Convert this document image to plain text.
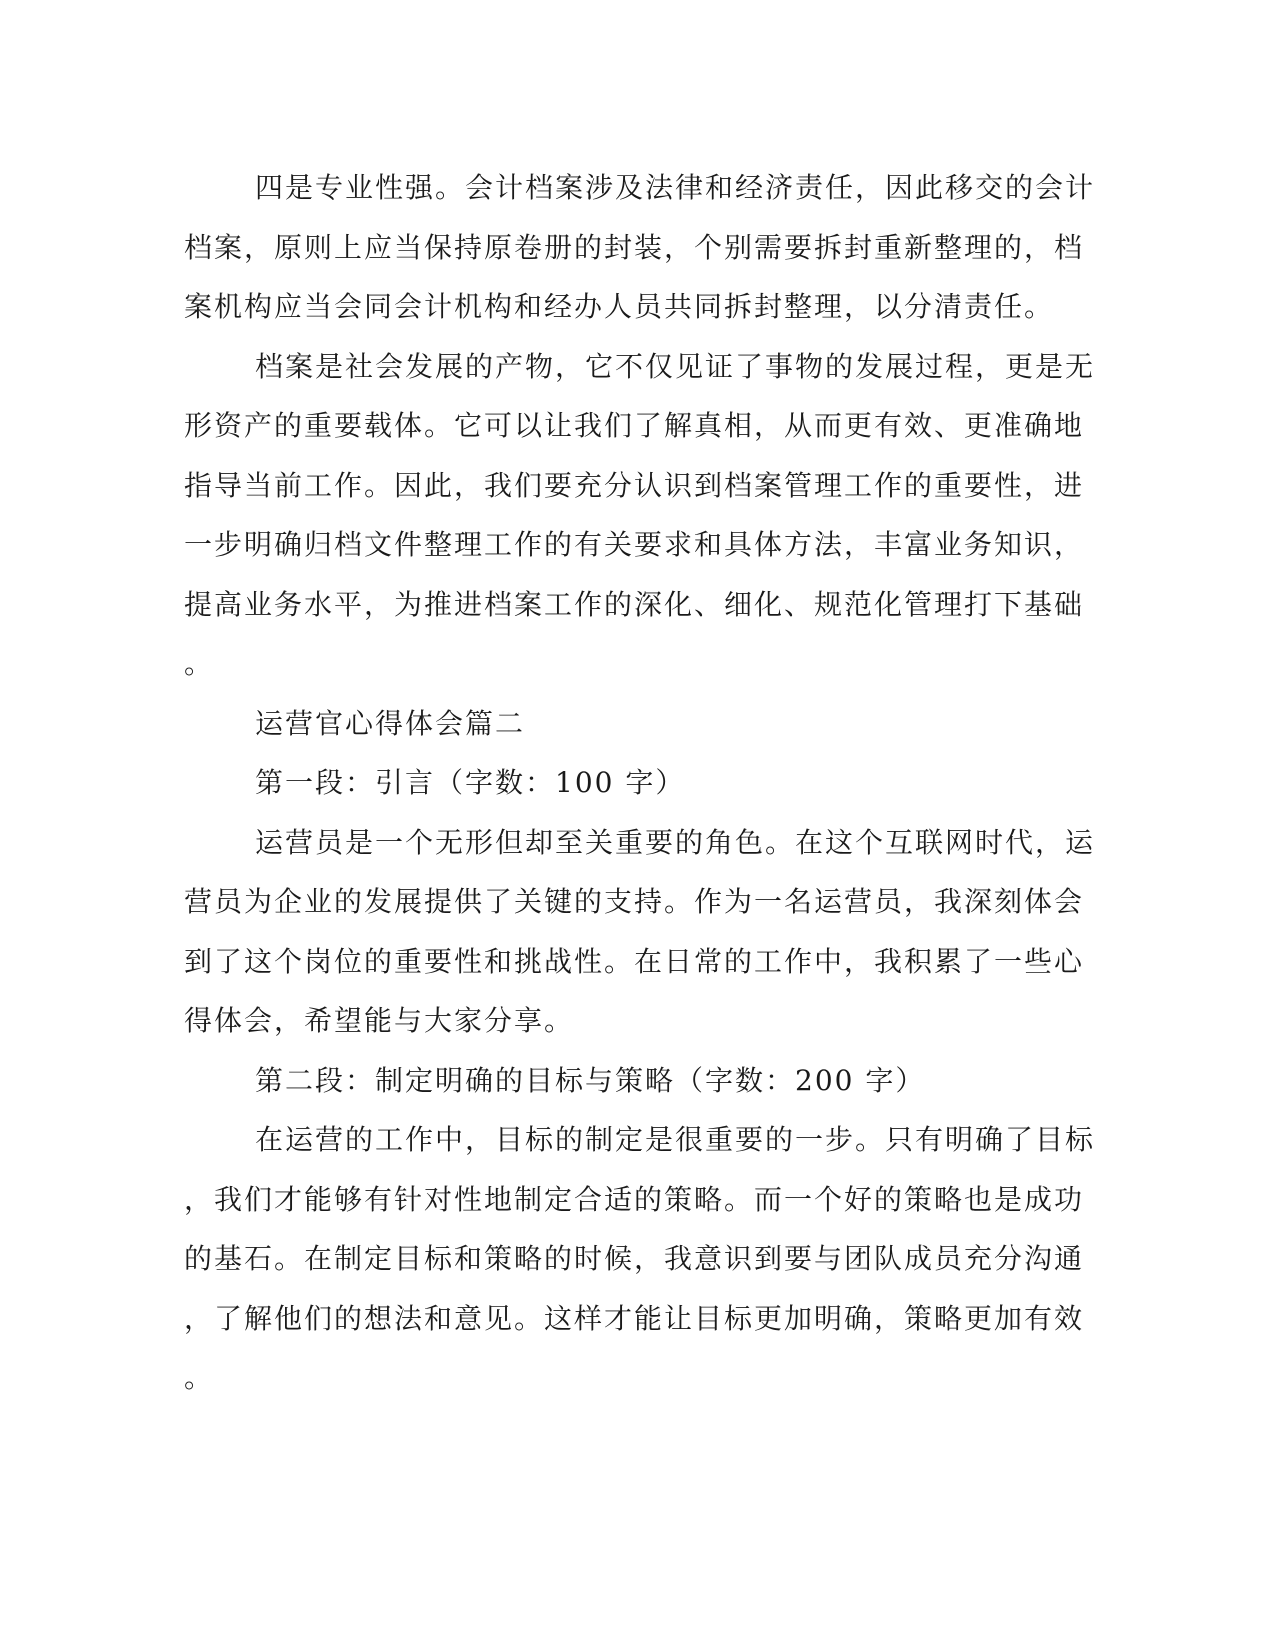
四是专业性强。会计档案涉及法律和经济责任，因此移交的会计
档案，原则上应当保持原卷册的封装，个别需要拆封重新整理的，档
案机构应当会同会计机构和经办人员共同拆封整理，以分清责任。
档案是社会发展的产物，它不仅见证了事物的发展过程，更是无
形资产的重要载体。它可以让我们了解真相，从而更有效、更准确地
指导当前工作。因此，我们要充分认识到档案管理工作的重要性，进
一步明确归档文件整理工作的有关要求和具体方法，丰富业务知识，
提高业务水平，为推进档案工作的深化、细化、规范化管理打下基础
。
运营官心得体会篇二
第一段：引言（字数：100 字）
运营员是一个无形但却至关重要的角色。在这个互联网时代，运
营员为企业的发展提供了关键的支持。作为一名运营员，我深刻体会
到了这个岗位的重要性和挑战性。在日常的工作中，我积累了一些心
得体会，希望能与大家分享。
第二段：制定明确的目标与策略（字数：200 字）
在运营的工作中，目标的制定是很重要的一步。只有明确了目标
，我们才能够有针对性地制定合适的策略。而一个好的策略也是成功
的基石。在制定目标和策略的时候，我意识到要与团队成员充分沟通
，了解他们的想法和意见。这样才能让目标更加明确，策略更加有效
。
